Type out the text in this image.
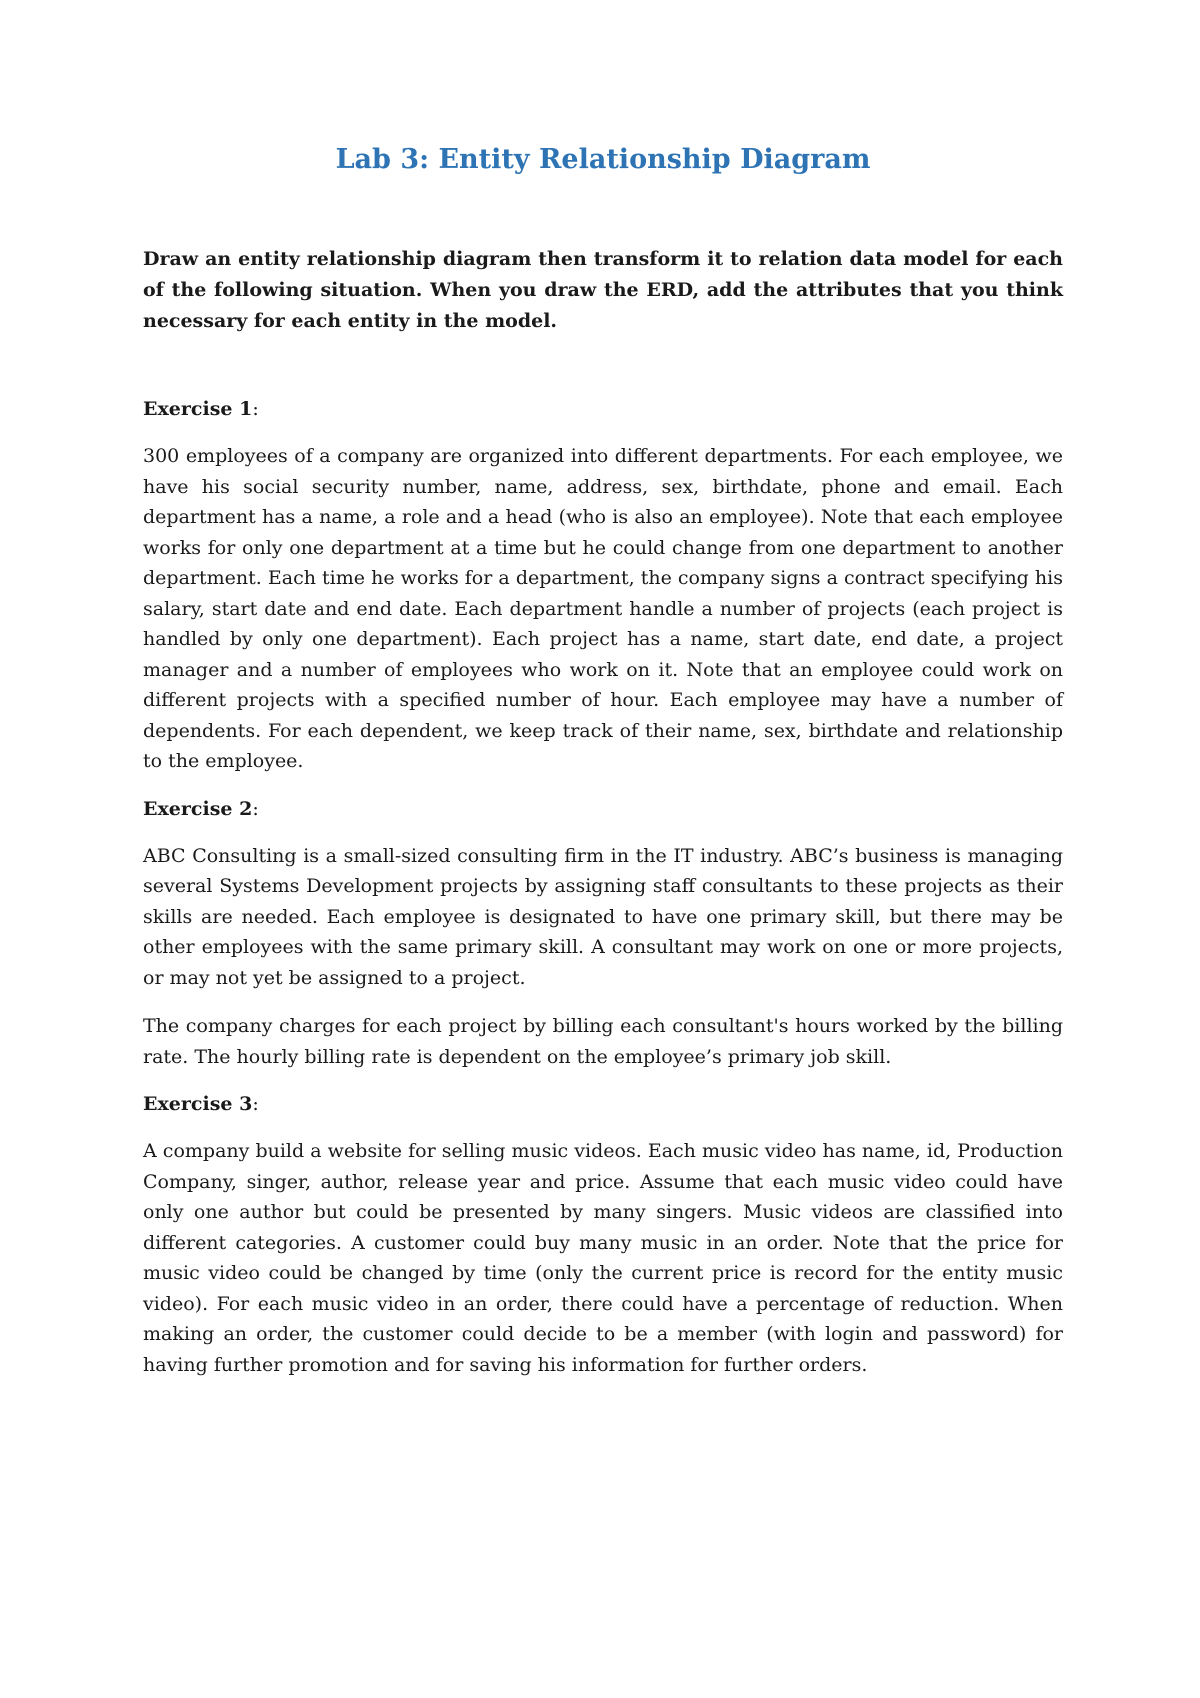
Lab 3: Entity Relationship Diagram
Draw an entity relationship diagram then transform it to relation data model for each of the following situation. When you draw the ERD, add the attributes that you think necessary for each entity in the model.
Exercise 1:
300 employees of a company are organized into different departments. For each employee, we have his social security number, name, address, sex, birthdate, phone and email. Each department has a name, a role and a head (who is also an employee). Note that each employee works for only one department at a time but he could change from one department to another department. Each time he works for a department, the company signs a contract specifying his salary, start date and end date. Each department handle a number of projects (each project is handled by only one department). Each project has a name, start date, end date, a project manager and a number of employees who work on it. Note that an employee could work on different projects with a specified number of hour. Each employee may have a number of dependents. For each dependent, we keep track of their name, sex, birthdate and relationship to the employee.
Exercise 2:
ABC Consulting is a small-sized consulting firm in the IT industry. ABC’s business is managing several Systems Development projects by assigning staff consultants to these projects as their skills are needed. Each employee is designated to have one primary skill, but there may be other employees with the same primary skill. A consultant may work on one or more projects, or may not yet be assigned to a project.
The company charges for each project by billing each consultant's hours worked by the billing rate. The hourly billing rate is dependent on the employee’s primary job skill.
Exercise 3:
A company build a website for selling music videos. Each music video has name, id, Production Company, singer, author, release year and price. Assume that each music video could have only one author but could be presented by many singers. Music videos are classified into different categories. A customer could buy many music in an order. Note that the price for music video could be changed by time (only the current price is record for the entity music video). For each music video in an order, there could have a percentage of reduction. When making an order, the customer could decide to be a member (with login and password) for having further promotion and for saving his information for further orders.
